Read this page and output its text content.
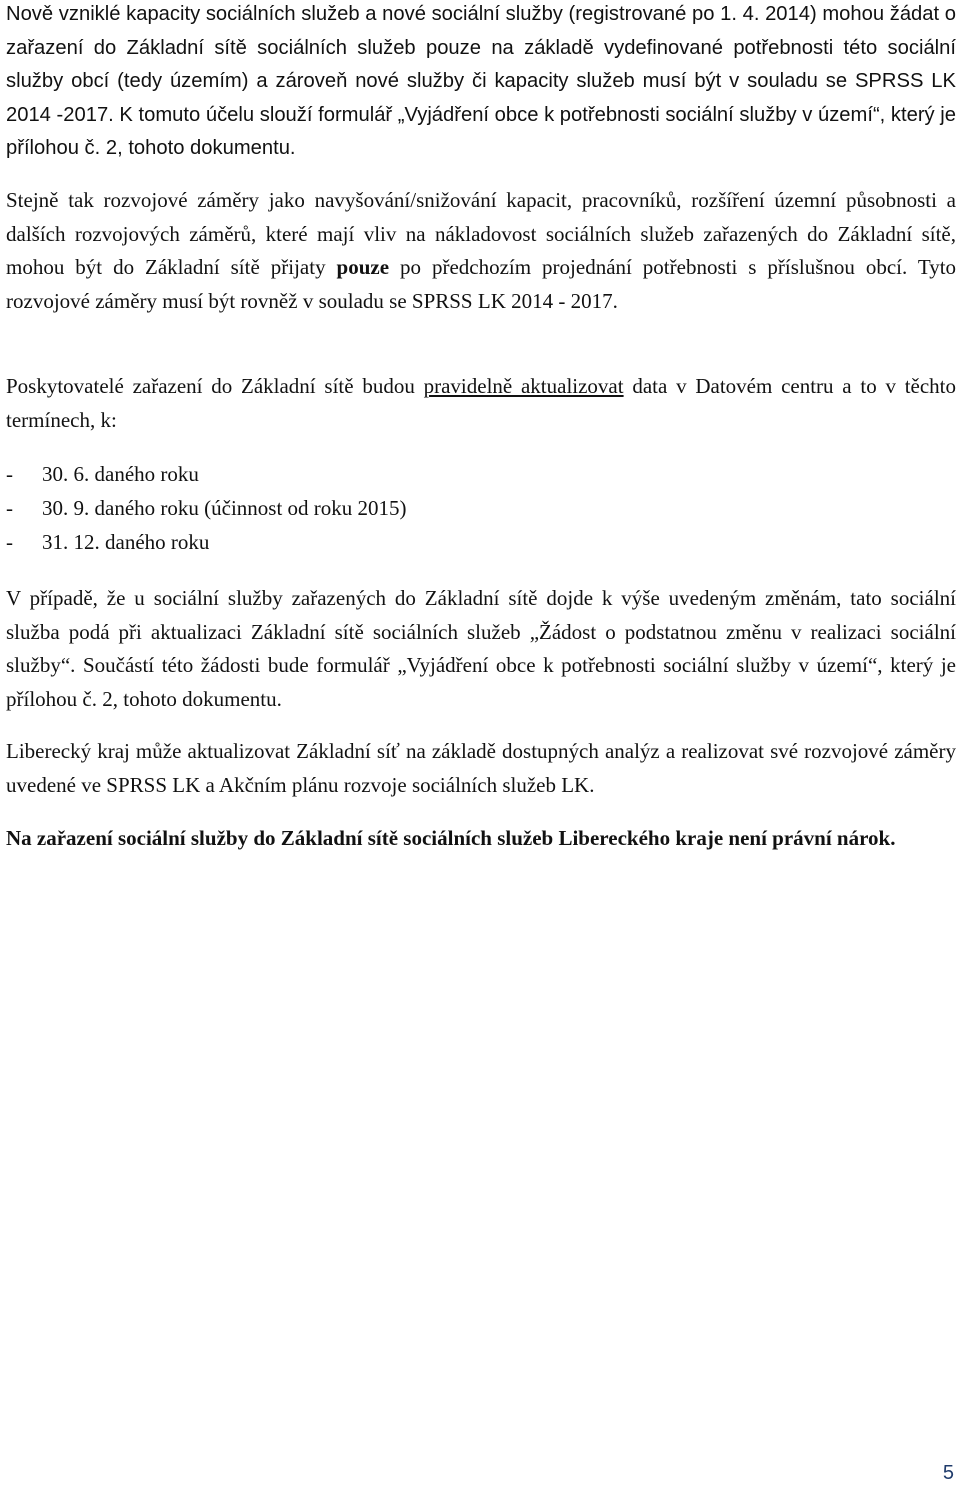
Nově vzniklé kapacity sociálních služeb a nové sociální služby (registrované po 1. 4. 2014) mohou žádat o zařazení do Základní sítě sociálních služeb pouze na základě vydefinované potřebnosti této sociální služby obcí (tedy územím) a zároveň nové služby či kapacity služeb musí být v souladu se SPRSS LK 2014 -2017. K tomuto účelu slouží formulář „Vyjádření obce k potřebnosti sociální služby v území“, který je přílohou č. 2, tohoto dokumentu.

Stejně tak rozvojové záměry jako navyšování/snižování kapacit, pracovníků, rozšíření územní působnosti a dalších rozvojových záměrů, které mají vliv na nákladovost sociálních služeb zařazených do Základní sítě, mohou být do Základní sítě přijaty pouze po předchozím projednání potřebnosti s příslušnou obcí. Tyto rozvojové záměry musí být rovněž v souladu se SPRSS LK 2014 - 2017.

Poskytovatelé zařazení do Základní sítě budou pravidelně aktualizovat data v Datovém centru a to v těchto termínech, k:

-	30. 6. daného roku
-	30. 9. daného roku (účinnost od roku 2015)
-	31. 12. daného roku

V případě, že u sociální služby zařazených do Základní sítě dojde k výše uvedeným změnám, tato sociální služba podá při aktualizaci Základní sítě sociálních služeb „Žádost o podstatnou změnu v realizaci sociální služby“. Součástí této žádosti bude formulář „Vyjádření obce k potřebnosti sociální služby v území“, který je přílohou č. 2, tohoto dokumentu.

Liberecký kraj může aktualizovat Základní síť na základě dostupných analýz a realizovat své rozvojové záměry uvedené ve SPRSS LK a Akčním plánu rozvoje sociálních služeb LK.

Na zařazení sociální služby do Základní sítě sociálních služeb Libereckého kraje není právní nárok.

5
